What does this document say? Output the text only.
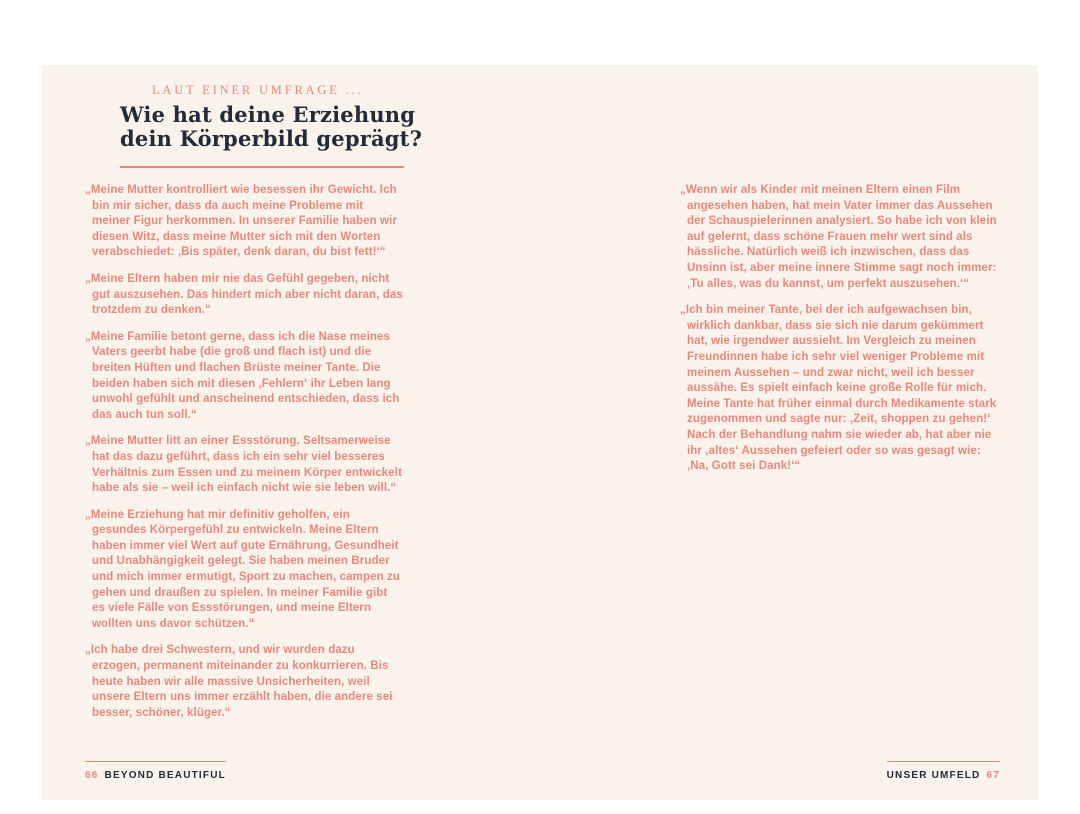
LAUT EINER UMFRAGE ...
Wie hat deine Erziehung
dein Körperbild geprägt?

„Meine Mutter kontrolliert wie besessen ihr Gewicht. Ich bin mir sicher, dass da auch meine Probleme mit meiner Figur herkommen. In unserer Familie haben wir diesen Witz, dass meine Mutter sich mit den Worten verabschiedet: ‚Bis später, denk daran, du bist fett!‘“

„Meine Eltern haben mir nie das Gefühl gegeben, nicht gut auszusehen. Das hindert mich aber nicht daran, das trotzdem zu denken.“

„Meine Familie betont gerne, dass ich die Nase meines Vaters geerbt habe (die groß und flach ist) und die breiten Hüften und flachen Brüste meiner Tante. Die beiden haben sich mit diesen ‚Fehlern‘ ihr Leben lang unwohl gefühlt und anscheinend entschieden, dass ich das auch tun soll.“

„Meine Mutter litt an einer Essstörung. Seltsamerweise hat das dazu geführt, dass ich ein sehr viel besseres Verhältnis zum Essen und zu meinem Körper entwickelt habe als sie – weil ich einfach nicht wie sie leben will.“

„Meine Erziehung hat mir definitiv geholfen, ein gesundes Körpergefühl zu entwickeln. Meine Eltern haben immer viel Wert auf gute Ernährung, Gesundheit und Unabhängigkeit gelegt. Sie haben meinen Bruder und mich immer ermutigt, Sport zu machen, campen zu gehen und draußen zu spielen. In meiner Familie gibt es viele Fälle von Essstörungen, und meine Eltern wollten uns davor schützen.“

„Ich habe drei Schwestern, und wir wurden dazu erzogen, permanent miteinander zu konkurrieren. Bis heute haben wir alle massive Unsicherheiten, weil unsere Eltern uns immer erzählt haben, die andere sei besser, schöner, klüger.“

„Wenn wir als Kinder mit meinen Eltern einen Film angesehen haben, hat mein Vater immer das Aussehen der Schauspielerinnen analysiert. So habe ich von klein auf gelernt, dass schöne Frauen mehr wert sind als hässliche. Natürlich weiß ich inzwischen, dass das Unsinn ist, aber meine innere Stimme sagt noch immer: ‚Tu alles, was du kannst, um perfekt auszusehen.‘“

„Ich bin meiner Tante, bei der ich aufgewachsen bin, wirklich dankbar, dass sie sich nie darum gekümmert hat, wie irgendwer aussieht. Im Vergleich zu meinen Freundinnen habe ich sehr viel weniger Probleme mit meinem Aussehen – und zwar nicht, weil ich besser aussähe. Es spielt einfach keine große Rolle für mich. Meine Tante hat früher einmal durch Medikamente stark zugenommen und sagte nur: ‚Zeit, shoppen zu gehen!‘ Nach der Behandlung nahm sie wieder ab, hat aber nie ihr ‚altes‘ Aussehen gefeiert oder so was gesagt wie: ‚Na, Gott sei Dank!‘“

66 BEYOND BEAUTIFUL	UNSER UMFELD 67
